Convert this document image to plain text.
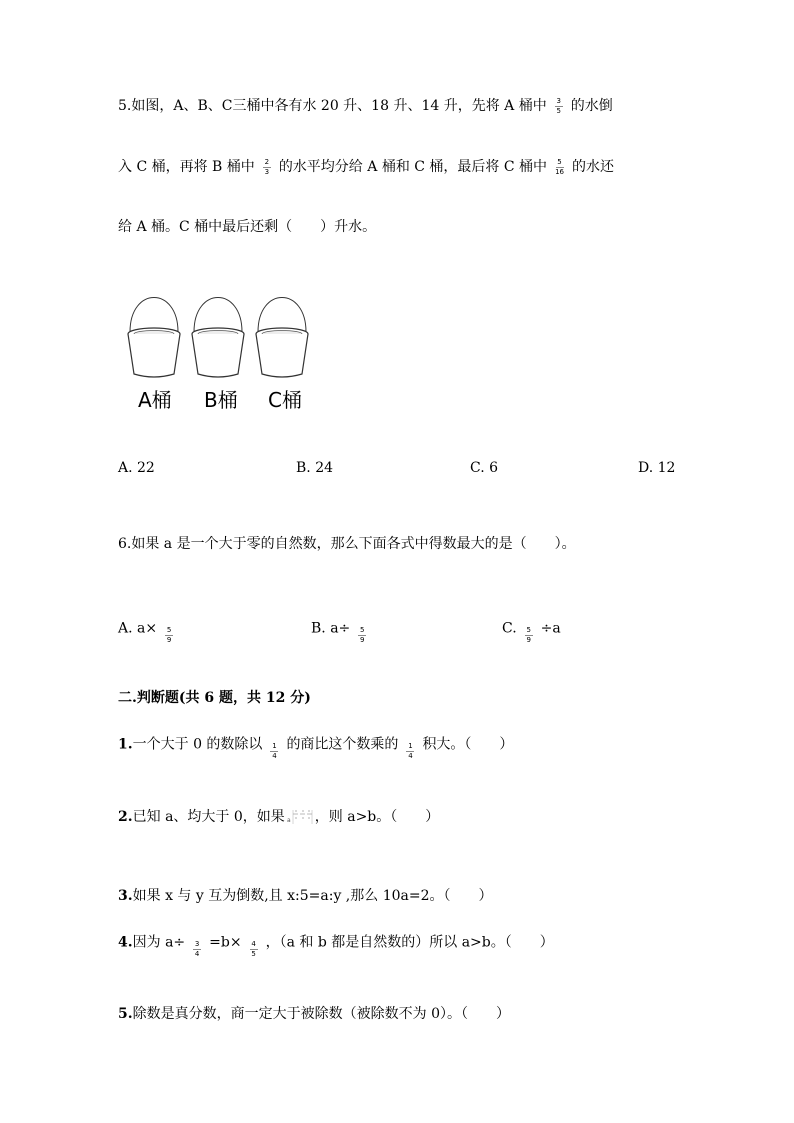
5.如图，A、B、C三桶中各有水 20 升、18 升、14 升，先将 A 桶中 $\frac{3}{5}$ 的水倒
入 C 桶，再将 B 桶中 $\frac{2}{3}$ 的水平均分给 A 桶和 C 桶，最后将 C 桶中 $\frac{5}{16}$ 的水还
给 A 桶。C 桶中最后还剩（　　）升水。
A桶 B桶 C桶
A. 22	B. 24	C. 6	D. 12
6.如果 a 是一个大于零的自然数，那么下面各式中得数最大的是（　　）。
A. $a\times \frac{5}{9}$	B. $a\div \frac{5}{9}$	C. $\frac{5}{9} \div a$
二.判断题(共 6 题，共 12 分)
1.一个大于 0 的数除以 $\frac{1}{4}$ 的商比这个数乘的 $\frac{1}{4}$ 积大。（　　）
2.已知 a、均大于 0，如果 a ，则 a>b。（　　）
3.如果 x 与 y 互为倒数,且 x:5=a:y ,那么 10a=2。（　　）
4.因为 $a\div \frac{3}{4} =b\times \frac{4}{5}$ ，（a 和 b 都是自然数的）所以 a>b。（　　）
5.除数是真分数，商一定大于被除数（被除数不为 0）。（　　）
